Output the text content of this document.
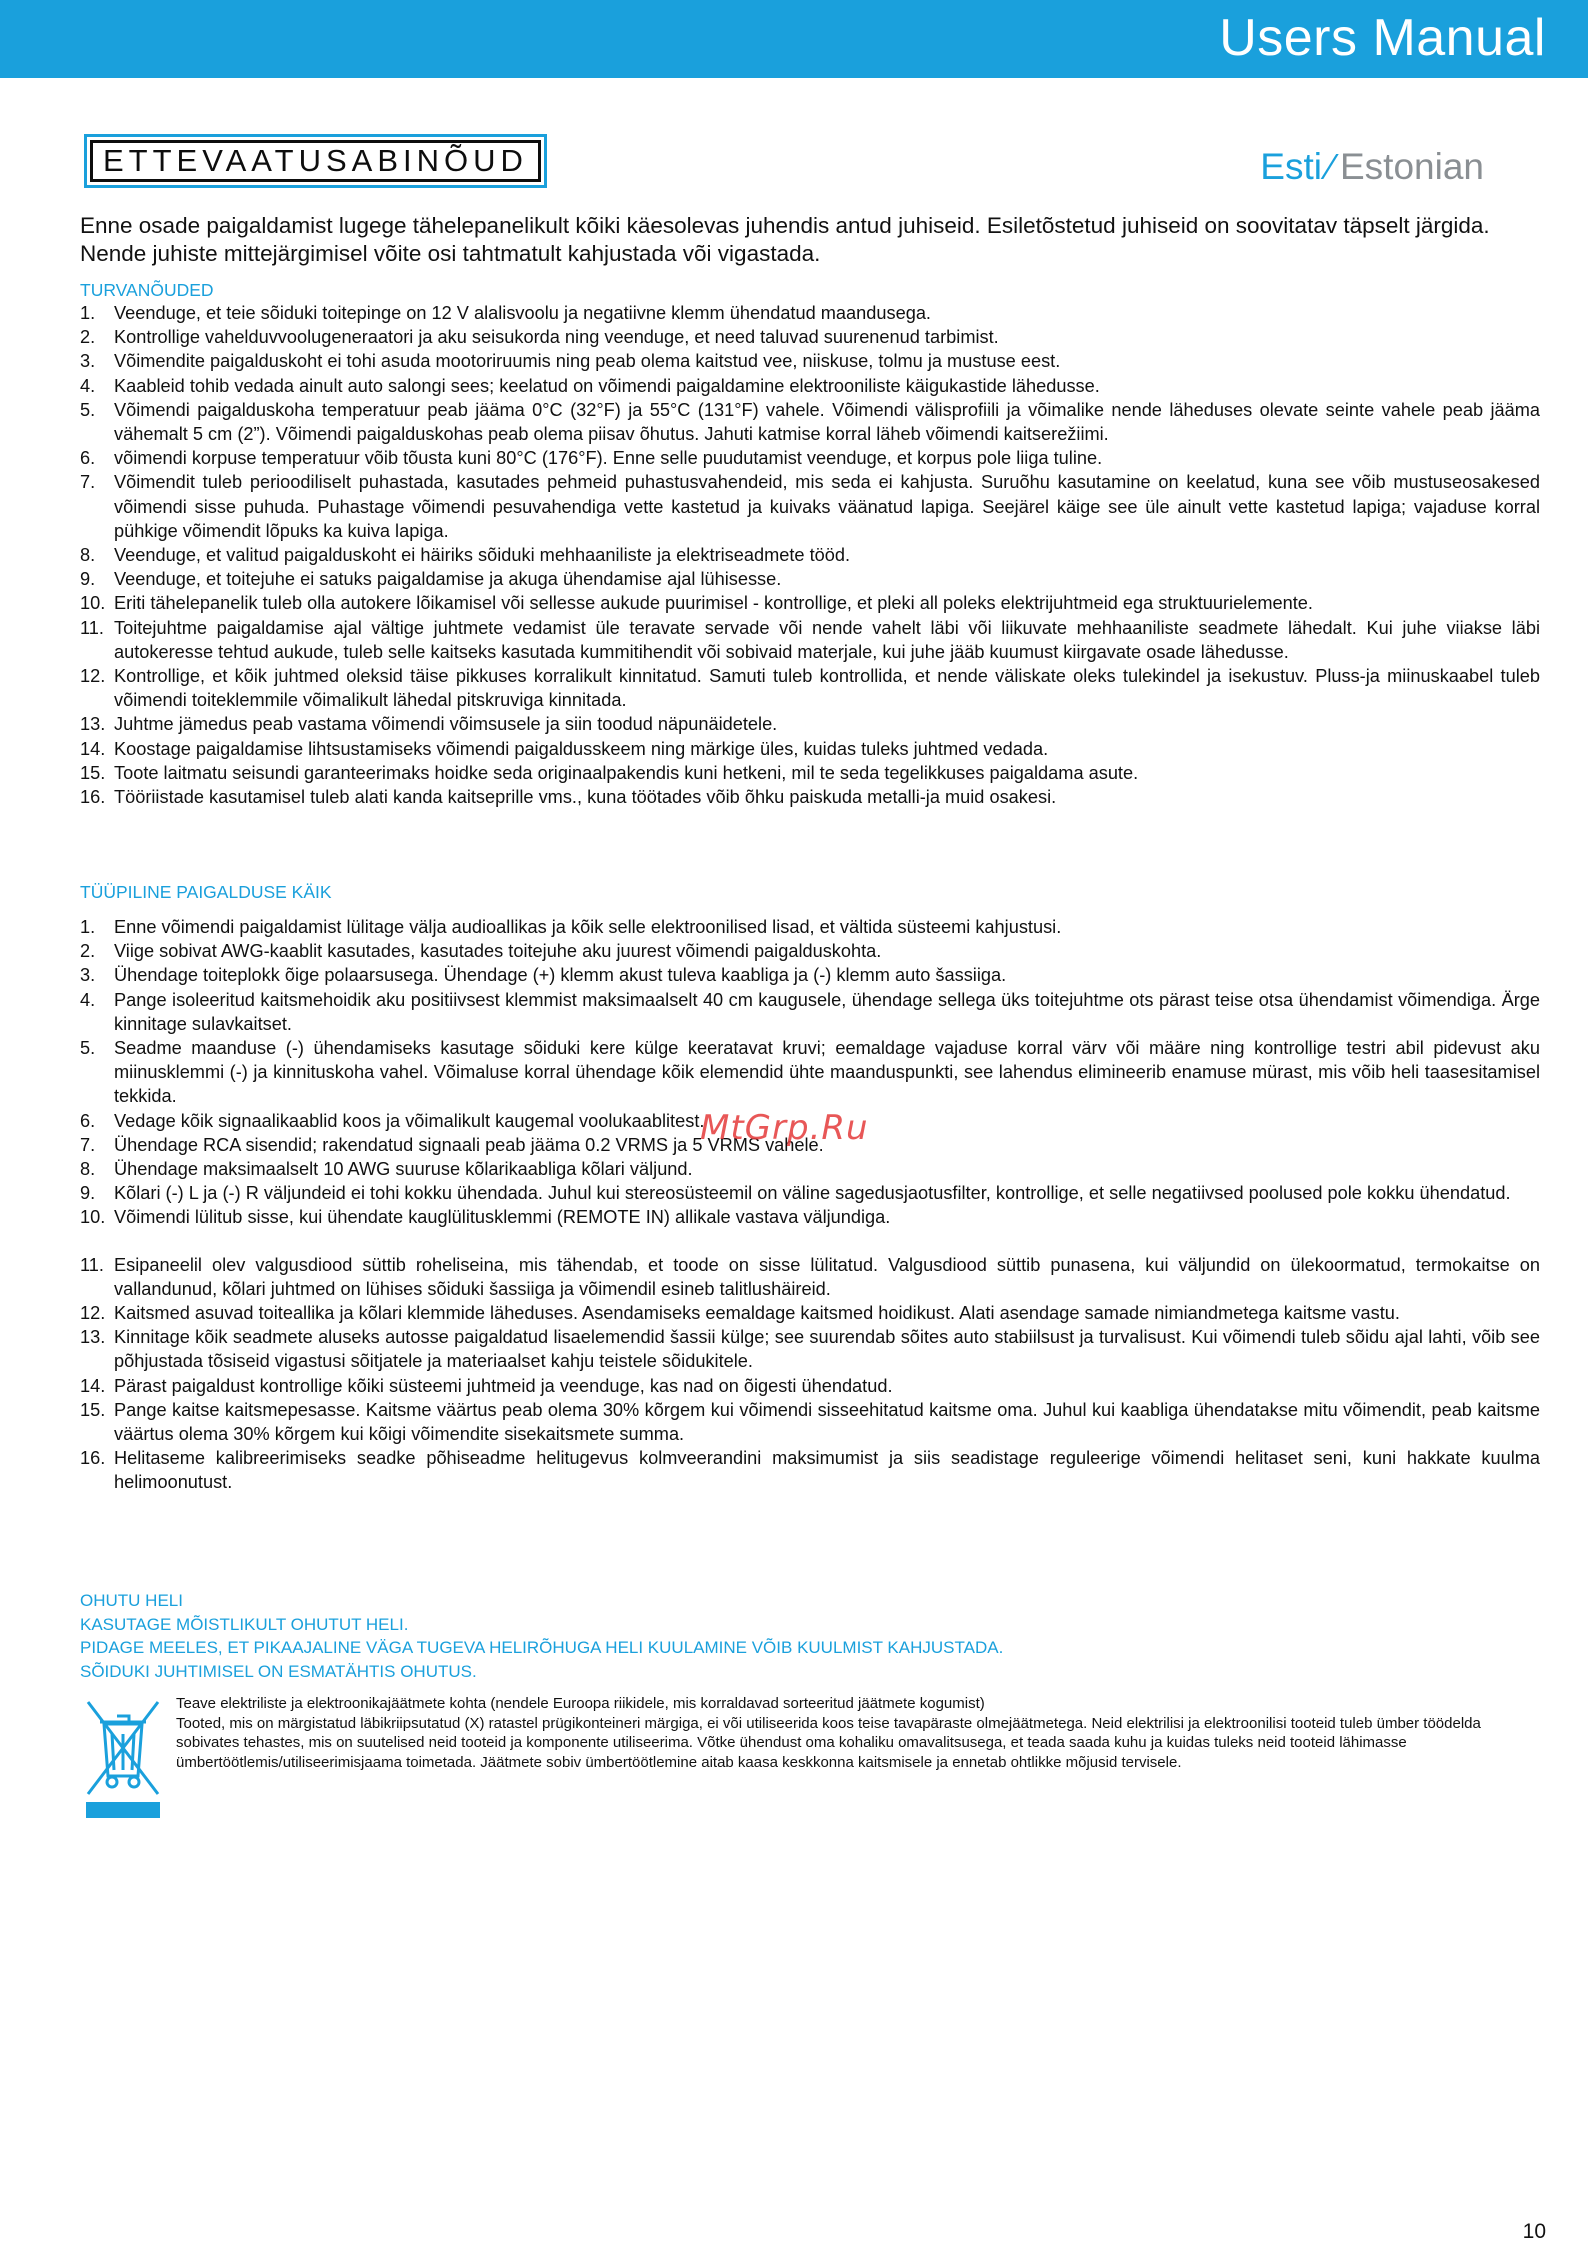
Users Manual
ETTEVAATUSABINÕUD	Esti ⁄ Estonian
Enne osade paigaldamist lugege tähelepanelikult kõiki käesolevas juhendis antud juhiseid. Esiletõstetud juhiseid on soovitatav täpselt järgida. Nende juhiste mittejärgimisel võite osi tahtmatult kahjustada või vigastada.
TURVANÕUDED
1. Veenduge, et teie sõiduki toitepinge on 12 V alalisvoolu ja negatiivne klemm ühendatud maandusega.
2. Kontrollige vahelduvvoolugeneraatori ja aku seisukorda ning veenduge, et need taluvad suurenenud tarbimist.
3. Võimendite paigalduskoht ei tohi asuda mootoriruumis ning peab olema kaitstud vee, niiskuse, tolmu ja mustuse eest.
4. Kaableid tohib vedada ainult auto salongi sees; keelatud on võimendi paigaldamine elektrooniliste käigukastide lähedusse.
5. Võimendi paigalduskoha temperatuur peab jääma 0°C (32°F) ja 55°C (131°F) vahele. Võimendi välisprofiili ja võimalike nende läheduses olevate seinte vahele peab jääma vähemalt 5 cm (2”). Võimendi paigalduskohas peab olema piisav õhutus. Jahuti katmise korral läheb võimendi kaitserežiimi.
6. võimendi korpuse temperatuur võib tõusta kuni 80°C (176°F). Enne selle puudutamist veenduge, et korpus pole liiga tuline.
7. Võimendit tuleb perioodiliselt puhastada, kasutades pehmeid puhastusvahendeid, mis seda ei kahjusta. Suruõhu kasutamine on keelatud, kuna see võib mustuseosakesed võimendi sisse puhuda. Puhastage võimendi pesuvahendiga vette kastetud ja kuivaks väänatud lapiga. Seejärel käige see üle ainult vette kastetud lapiga; vajaduse korral pühkige võimendit lõpuks ka kuiva lapiga.
8. Veenduge, et valitud paigalduskoht ei häiriks sõiduki mehhaaniliste ja elektriseadmete tööd.
9. Veenduge, et toitejuhe ei satuks paigaldamise ja akuga ühendamise ajal lühisesse.
10. Eriti tähelepanelik tuleb olla autokere lõikamisel või sellesse aukude puurimisel - kontrollige, et pleki all poleks elektrijuhtmeid ega struktuurielemente.
11. Toitejuhtme paigaldamise ajal vältige juhtmete vedamist üle teravate servade või nende vahelt läbi või liikuvate mehhaaniliste seadmete lähedalt. Kui juhe viiakse läbi autokeresse tehtud aukude, tuleb selle kaitseks kasutada kummitihendit või sobivaid materjale, kui juhe jääb kuumust kiirgavate osade lähedusse.
12. Kontrollige, et kõik juhtmed oleksid täise pikkuses korralikult kinnitatud. Samuti tuleb kontrollida, et nende väliskate oleks tulekindel ja isekustuv. Pluss-ja miinuskaabel tuleb võimendi toiteklemmile võimalikult lähedal pitskruviga kinnitada.
13. Juhtme jämedus peab vastama võimendi võimsusele ja siin toodud näpunäidetele.
14. Koostage paigaldamise lihtsustamiseks võimendi paigaldusskeem ning märkige üles, kuidas tuleks juhtmed vedada.
15. Toote laitmatu seisundi garanteerimaks hoidke seda originaalpakendis kuni hetkeni, mil te seda tegelikkuses paigaldama asute.
16. Tööriistade kasutamisel tuleb alati kanda kaitseprille vms., kuna töötades võib õhku paiskuda metalli-ja muid osakesi.
TÜÜPILINE PAIGALDUSE KÄIK
1. Enne võimendi paigaldamist lülitage välja audioallikas ja kõik selle elektroonilised lisad, et vältida süsteemi kahjustusi.
2. Viige sobivat AWG-kaablit kasutades, kasutades toitejuhe aku juurest võimendi paigalduskohta.
3. Ühendage toiteplokk õige polaarsusega. Ühendage (+) klemm akust tuleva kaabliga ja (-) klemm auto šassiiga.
4. Pange isoleeritud kaitsmehoidik aku positiivsest klemmist maksimaalselt 40 cm kaugusele, ühendage sellega üks toitejuhtme ots pärast teise otsa ühendamist võimendiga. Ärge kinnitage sulavkaitset.
5. Seadme maanduse (-) ühendamiseks kasutage sõiduki kere külge keeratavat kruvi; eemaldage vajaduse korral värv või määre ning kontrollige testri abil pidevust aku miinusklemmi (-) ja kinnituskoha vahel. Võimaluse korral ühendage kõik elemendid ühte maanduspunkti, see lahendus elimineerib enamuse mürast, mis võib heli taasesitamisel tekkida.
6. Vedage kõik signaalikaablid koos ja võimalikult kaugemal voolukaablitest.
7. Ühendage RCA sisendid; rakendatud signaali peab jääma 0.2 VRMS ja 5 VRMS vahele.
8. Ühendage maksimaalselt 10 AWG suuruse kõlarikaabliga kõlari väljund.
9. Kõlari (-) L ja (-) R väljundeid ei tohi kokku ühendada. Juhul kui stereosüsteemil on väline sagedusjaotusfilter, kontrollige, et selle negatiivsed poolused pole kokku ühendatud.
10. Võimendi lülitub sisse, kui ühendate kauglülitusklemmi (REMOTE IN) allikale vastava väljundiga.
11. Esipaneelil olev valgusdiood süttib roheliseina, mis tähendab, et toode on sisse lülitatud. Valgusdiood süttib punasena, kui väljundid on ülekoormatud, termokaitse on vallandunud, kõlari juhtmed on lühises sõiduki šassiiga ja võimendil esineb talitlushäireid.
12. Kaitsmed asuvad toiteallika ja kõlari klemmide läheduses. Asendamiseks eemaldage kaitsmed hoidikust. Alati asendage samade nimiandmetega kaitsme vastu.
13. Kinnitage kõik seadmete aluseks autosse paigaldatud lisaelemendid šassii külge; see suurendab sõites auto stabiilsust ja turvalisust. Kui võimendi tuleb sõidu ajal lahti, võib see põhjustada tõsiseid vigastusi sõitjatele ja materiaalset kahju teistele sõidukitele.
14. Pärast paigaldust kontrollige kõiki süsteemi juhtmeid ja veenduge, kas nad on õigesti ühendatud.
15. Pange kaitse kaitsmepesasse. Kaitsme väärtus peab olema 30% kõrgem kui võimendi sisseehitatud kaitsme oma. Juhul kui kaabliga ühendatakse mitu võimendit, peab kaitsme väärtus olema 30% kõrgem kui kõigi võimendite sisekaitsmete summa.
16. Helitaseme kalibreerimiseks seadke põhiseadme helitugevus kolmveerandini maksimumist ja siis seadistage reguleerige võimendi helitaset seni, kuni hakkate kuulma helimoonutust.
OHUTU HELI
KASUTAGE MÕISTLIKULT OHUTUT HELI.
PIDAGE MEELES, ET PIKAAJALINE VÄGA TUGEVA HELIRÕHUGA HELI KUULAMINE VÕIB KUULMIST KAHJUSTADA.
SÕIDUKI JUHTIMISEL ON ESMATÄHTIS OHUTUS.
Teave elektriliste ja elektroonikajäätmete kohta (nendele Euroopa riikidele, mis korraldavad sorteeritud jäätmete kogumist)
Tooted, mis on märgistatud läbikriipsutatud (X) ratastel prügikonteineri märgiga, ei või utiliseerida koos teise tavapäraste olmejäätmetega. Neid elektrilisi ja elektroonilisi tooteid tuleb ümber töödelda sobivates tehastes, mis on suutelised neid tooteid ja komponente utiliseerima. Võtke ühendust oma kohaliku omavalitsusega, et teada saada kuhu ja kuidas tuleks neid tooteid lähimasse ümbertöötlemis/utiliseerimisjaama toimetada. Jäätmete sobiv ümbertöötlemine aitab kaasa keskkonna kaitsmisele ja ennetab ohtlikke mõjusid tervisele.
MtGrp.Ru
10
